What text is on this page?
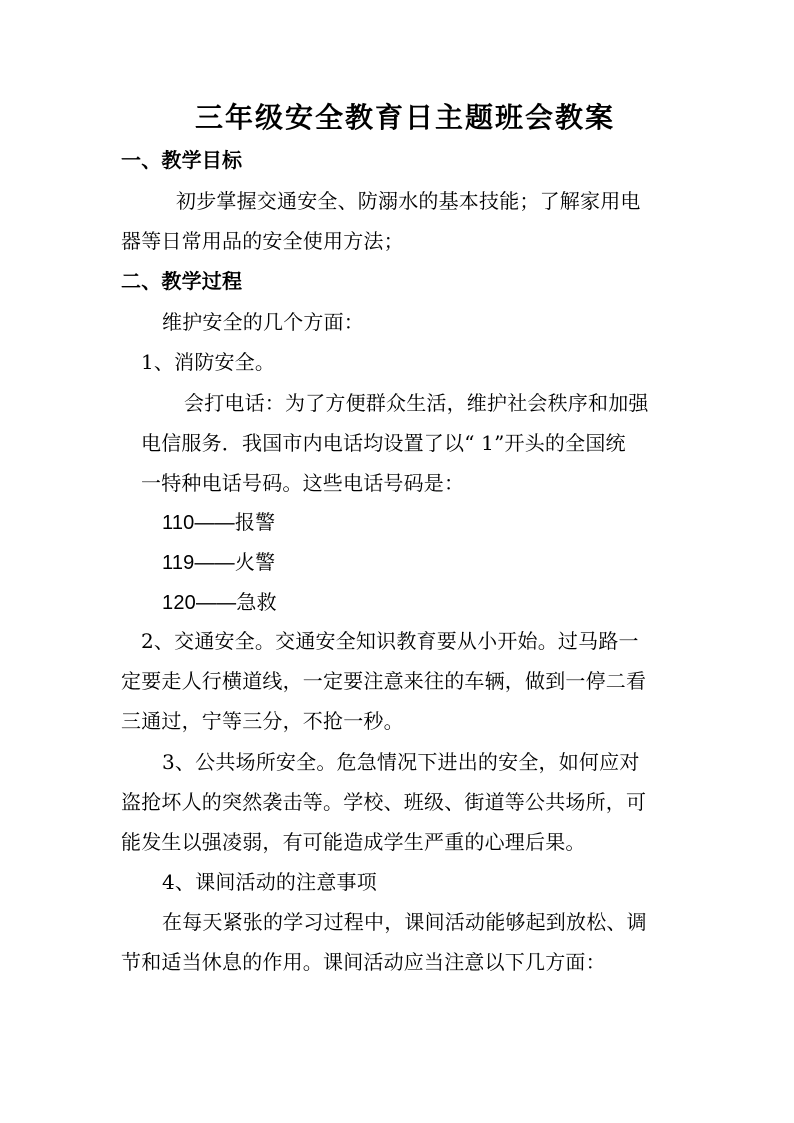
三年级安全教育日主题班会教案
一、教学目标
初步掌握交通安全、防溺水的基本技能；了解家用电
器等日常用品的安全使用方法；
二、教学过程
维护安全的几个方面：
1、消防安全。
会打电话：为了方便群众生活，维护社会秩序和加强
电信服务．我国市内电话均设置了以“ 1”开头的全国统
一特种电话号码。这些电话号码是：
110——报警
119——火警
120——急救
2、交通安全。交通安全知识教育要从小开始。过马路一
定要走人行横道线，一定要注意来往的车辆，做到一停二看
三通过，宁等三分，不抢一秒。
3、公共场所安全。危急情况下进出的安全，如何应对
盗抢坏人的突然袭击等。学校、班级、街道等公共场所，可
能发生以强凌弱，有可能造成学生严重的心理后果。
4、课间活动的注意事项
在每天紧张的学习过程中，课间活动能够起到放松、调
节和适当休息的作用。课间活动应当注意以下几方面：
